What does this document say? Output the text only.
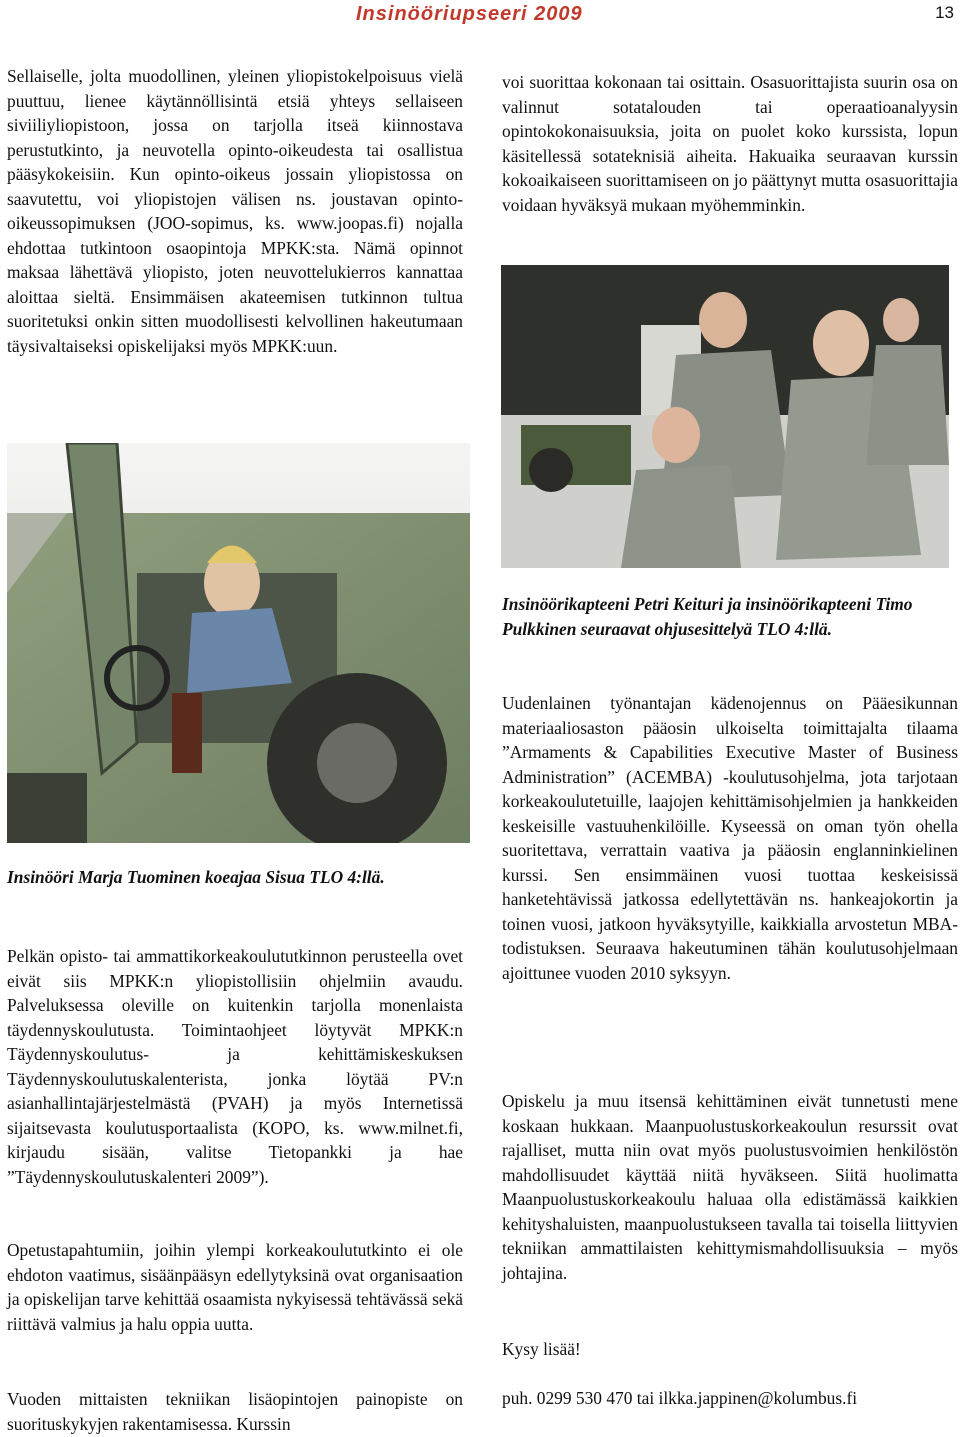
Insinööriupseeri 2009	13

Sellaiselle, jolta muodollinen, yleinen yliopistokelpoisuus vielä puuttuu, lienee käytännöllisintä etsiä yhteys sellaiseen siviiliyliopistoon, jossa on tarjolla itseä kiinnostava perustutkinto, ja neuvotella opinto-oikeudesta tai osallistua pääsykokeisiin. Kun opinto-oikeus jossain yliopistossa on saavutettu, voi yliopistojen välisen ns. joustavan opinto-oikeussopimuksen (JOO-sopimus, ks. www.joopas.fi) nojalla ehdottaa tutkintoon osaopintoja MPKK:sta. Nämä opinnot maksaa lähettävä yliopisto, joten neuvottelukierros kannattaa aloittaa sieltä. Ensimmäisen akateemisen tutkinnon tultua suoritetuksi onkin sitten muodollisesti kelvollinen hakeutumaan täysivaltaiseksi opiskelijaksi myös MPKK:uun.

Insinööri Marja Tuominen koeajaa Sisua TLO 4:llä.

Pelkän opisto- tai ammattikorkeakoulututkinnon perusteella ovet eivät siis MPKK:n yliopistollisiin ohjelmiin avaudu. Palveluksessa oleville on kuitenkin tarjolla monenlaista täydennyskoulutusta. Toimintaohjeet löytyvät MPKK:n Täydennyskoulutus- ja kehittämiskeskuksen Täydennyskoulutuskalenterista, jonka löytää PV:n asianhallintajärjestelmästä (PVAH) ja myös Internetissä sijaitsevasta koulutusportaalista (KOPO, ks. www.milnet.fi, kirjaudu sisään, valitse Tietopankki ja hae ”Täydennyskoulutuskalenteri 2009”).

Opetustapahtumiin, joihin ylempi korkeakoulututkinto ei ole ehdoton vaatimus, sisäänpääsyn edellytyksinä ovat organisaation ja opiskelijan tarve kehittää osaamista nykyisessä tehtävässä sekä riittävä valmius ja halu oppia uutta.

Vuoden mittaisten tekniikan lisäopintojen painopiste on suorituskykyjen rakentamisessa. Kurssin

voi suorittaa kokonaan tai osittain. Osasuorittajista suurin osa on valinnut sotatalouden tai operaatioanalyysin opintokokonaisuuksia, joita on puolet koko kurssista, lopun käsitellessä sotateknisiä aiheita. Hakuaika seuraavan kurssin kokoaikaiseen suorittamiseen on jo päättynyt mutta osasuorittajia voidaan hyväksyä mukaan myöhemminkin.

Insinöörikapteeni Petri Keituri ja insinöörikapteeni Timo Pulkkinen seuraavat ohjusesittelyä TLO 4:llä.

Uudenlainen työnantajan kädenojennus on Pääesikunnan materiaaliosaston pääosin ulkoiselta toimittajalta tilaama ”Armaments & Capabilities Executive Master of Business Administration” (ACEMBA) -koulutusohjelma, jota tarjotaan korkeakoulutetuille, laajojen kehittämisohjelmien ja hankkeiden keskeisille vastuuhenkilöille. Kyseessä on oman työn ohella suoritettava, verrattain vaativa ja pääosin englanninkielinen kurssi. Sen ensimmäinen vuosi tuottaa keskeisissä hanketehtävissä jatkossa edellytettävän ns. hankeajokortin ja toinen vuosi, jatkoon hyväksytyille, kaikkialla arvostetun MBA-todistuksen. Seuraava hakeutuminen tähän koulutusohjelmaan ajoittunee vuoden 2010 syksyyn.

Opiskelu ja muu itsensä kehittäminen eivät tunnetusti mene koskaan hukkaan. Maanpuolustuskorkeakoulun resurssit ovat rajalliset, mutta niin ovat myös puolustusvoimien henkilöstön mahdollisuudet käyttää niitä hyväkseen. Siitä huolimatta Maanpuolustuskorkeakoulu haluaa olla edistämässä kaikkien kehityshaluisten, maanpuolustukseen tavalla tai toisella liittyvien tekniikan ammattilaisten kehittymismahdollisuuksia – myös johtajina.

Kysy lisää!

puh. 0299 530 470 tai ilkka.jappinen@kolumbus.fi
